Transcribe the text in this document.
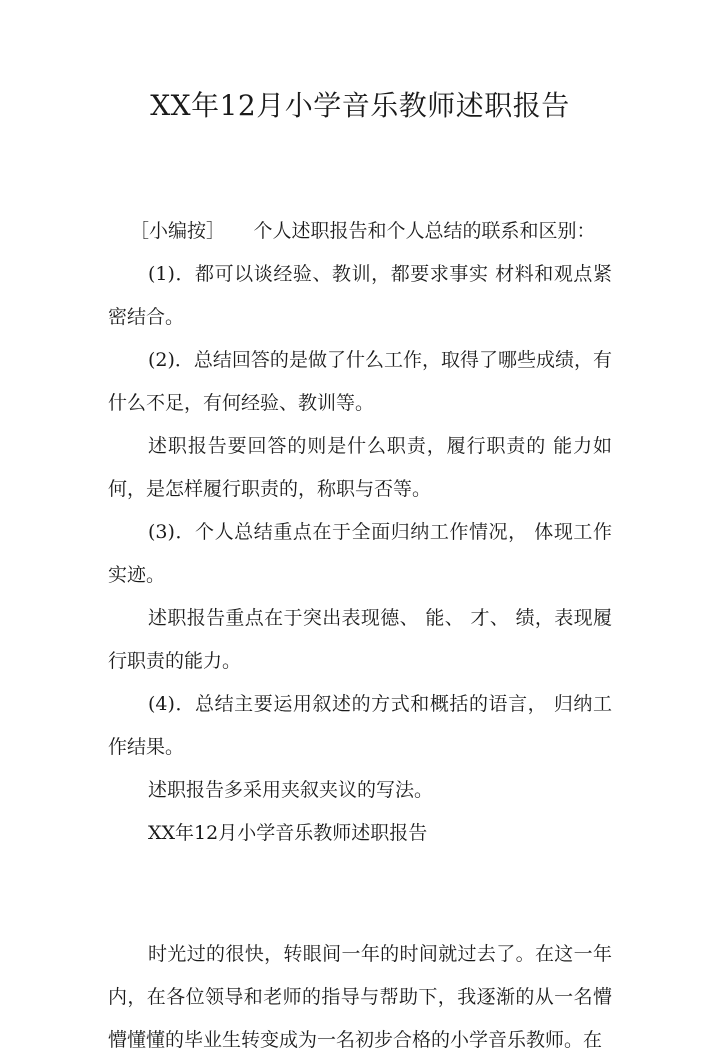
XX年12月小学音乐教师述职报告

［小编按］　　个人述职报告和个人总结的联系和区别：

(1)．都可以谈经验、教训，都要求事实 材料和观点紧密结合。

(2)．总结回答的是做了什么工作，取得了哪些成绩，有什么不足，有何经验、教训等。

述职报告要回答的则是什么职责，履行职责的 能力如何，是怎样履行职责的，称职与否等。

(3)．个人总结重点在于全面归纳工作情况， 体现工作实迹。

述职报告重点在于突出表现德、 能、 才、 绩，表现履行职责的能力。

(4)．总结主要运用叙述的方式和概括的语言， 归纳工作结果。

述职报告多采用夹叙夹议的写法。

XX年12月小学音乐教师述职报告

时光过的很快，转眼间一年的时间就过去了。在这一年内，在各位领导和老师的指导与帮助下，我逐渐的从一名懵懵懂懂的毕业生转变成为一名初步合格的小学音乐教师。在
